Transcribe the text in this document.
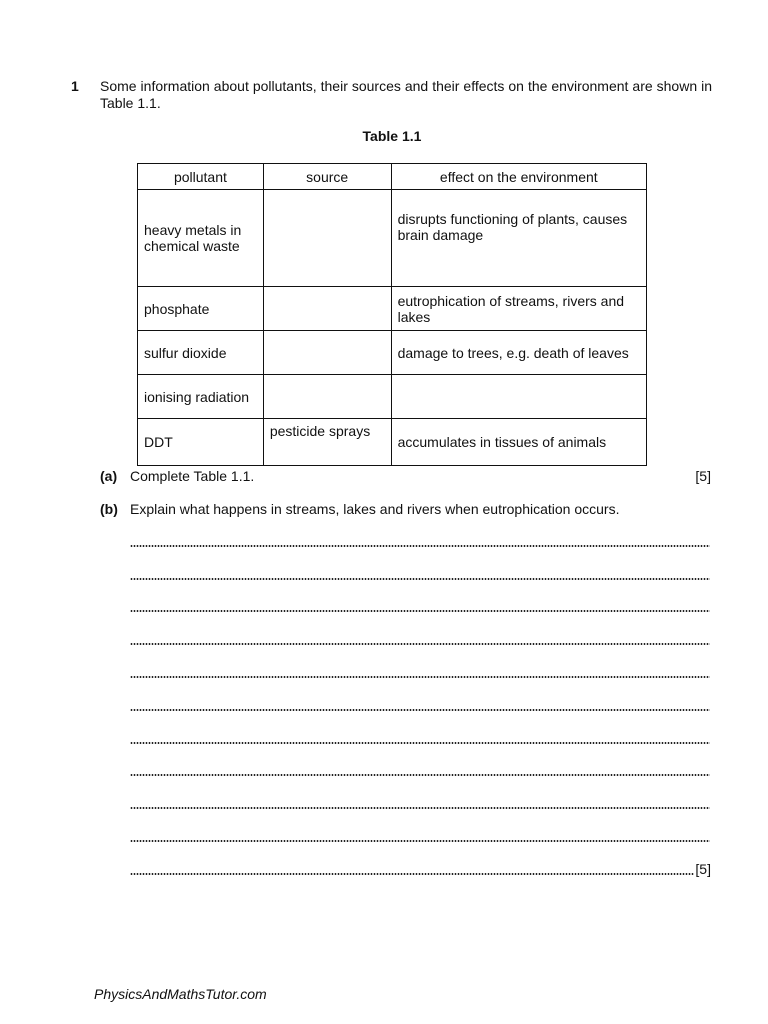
1 Some information about pollutants, their sources and their effects on the environment are shown in Table 1.1.
Table 1.1
pollutant	source	effect on the environment
heavy metals in chemical waste		disrupts functioning of plants, causes brain damage
phosphate		eutrophication of streams, rivers and lakes
sulfur dioxide		damage to trees, e.g. death of leaves
ionising radiation		
DDT	pesticide sprays	accumulates in tissues of animals
(a) Complete Table 1.1.	[5]
(b) Explain what happens in streams, lakes and rivers when eutrophication occurs.
[5]
PhysicsAndMathsTutor.com
